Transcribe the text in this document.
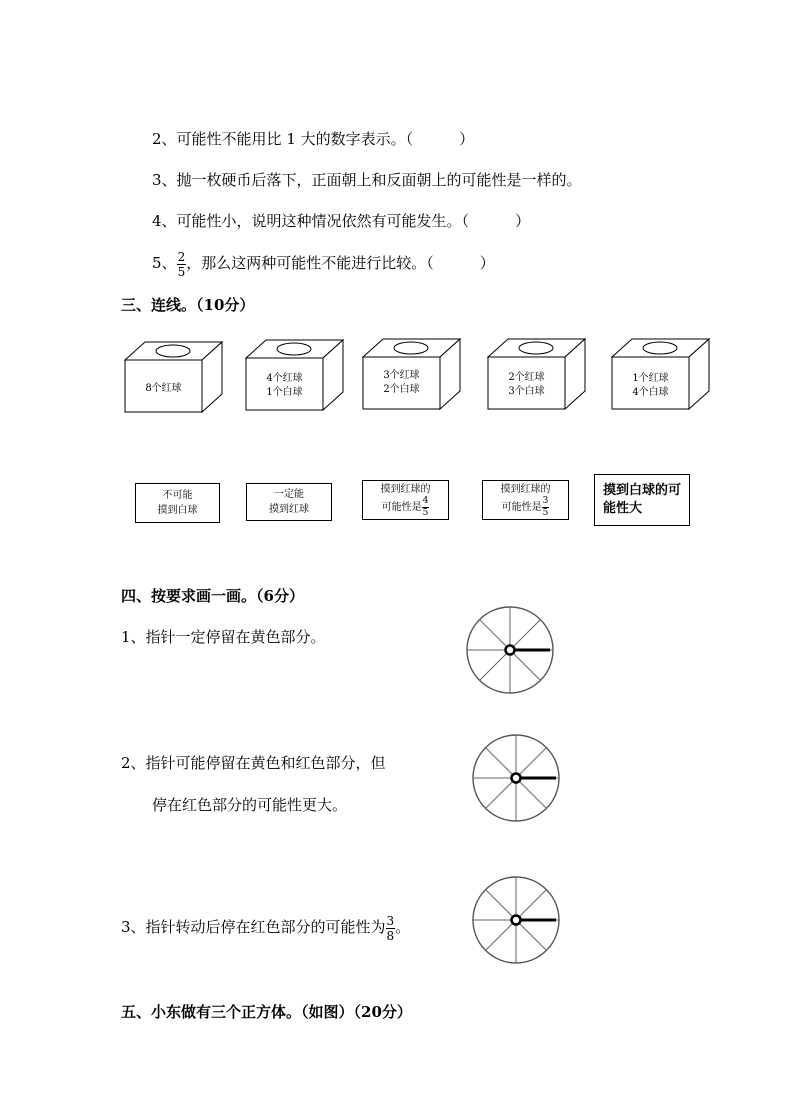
2、可能性不能用比 1 大的数字表示。（	）
3、抛一枚硬币后落下，正面朝上和反面朝上的可能性是一样的。
4、可能性小，说明这种情况依然有可能发生。（	）
5、 $\frac{2}{5}$ ，那么这两种可能性不能进行比较。（	）
三、连线。（10分）
8个红球
4个红球
1个白球
3个红球
2个白球
2个红球
3个白球
1个红球
4个白球
不可能
摸到白球
一定能
摸到红球
摸到红球的
可能性是 $\frac{4}{5}$
摸到红球的
可能性是 $\frac{3}{5}$
摸到白球的可
能性大
四、按要求画一画。（6分）
1、指针一定停留在黄色部分。
2、指针可能停留在黄色和红色部分，但
停在红色部分的可能性更大。
3、指针转动后停在红色部分的可能性为 $\frac{3}{8}$ 。
五、小东做有三个正方体。（如图）（20分）
